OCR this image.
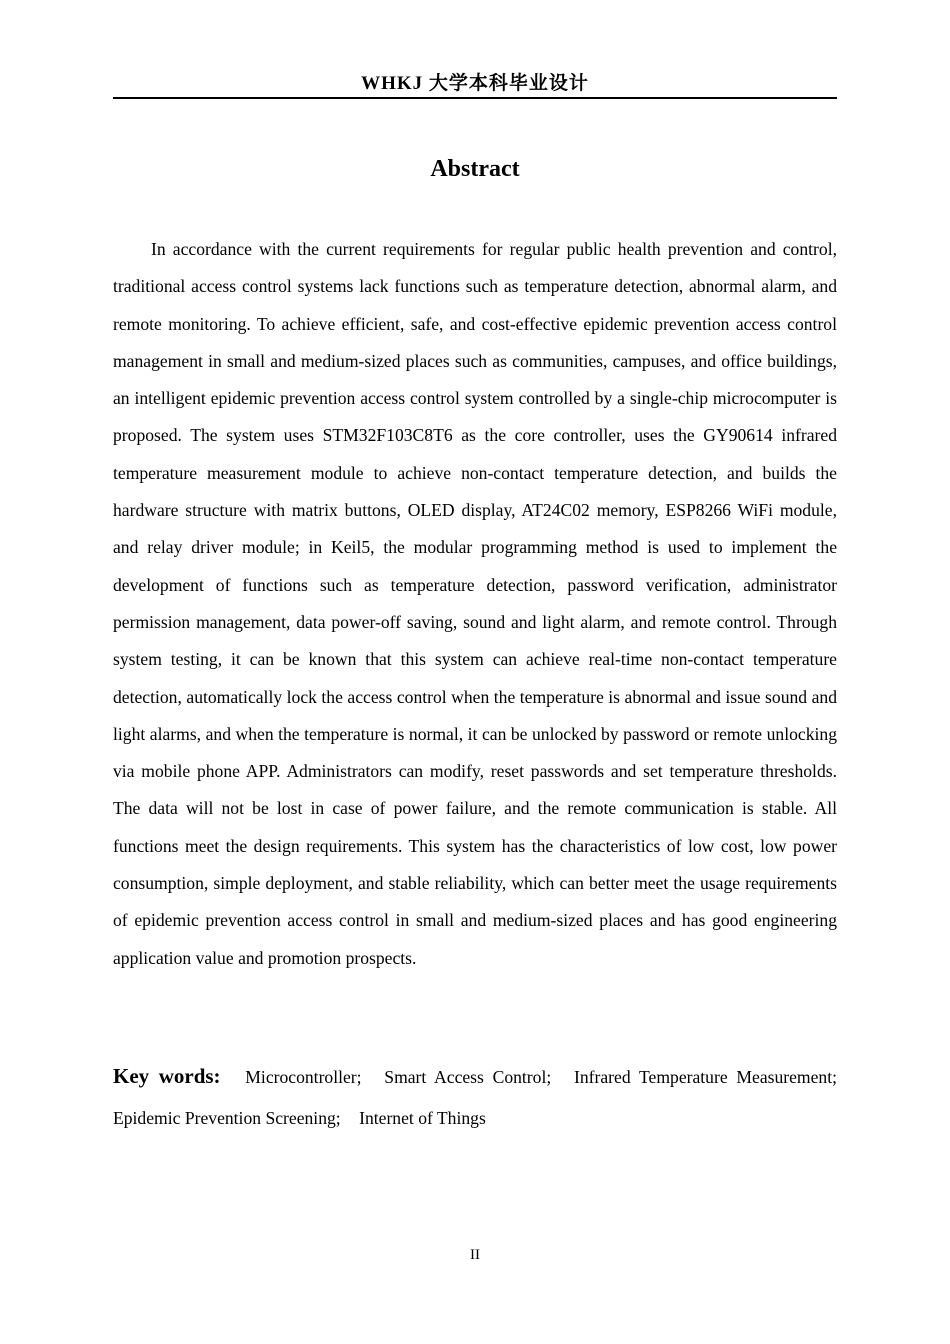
WHKJ 大学本科毕业设计
Abstract

In accordance with the current requirements for regular public health prevention and control, traditional access control systems lack functions such as temperature detection, abnormal alarm, and remote monitoring. To achieve efficient, safe, and cost-effective epidemic prevention access control management in small and medium-sized places such as communities, campuses, and office buildings, an intelligent epidemic prevention access control system controlled by a single-chip microcomputer is proposed. The system uses STM32F103C8T6 as the core controller, uses the GY90614 infrared temperature measurement module to achieve non-contact temperature detection, and builds the hardware structure with matrix buttons, OLED display, AT24C02 memory, ESP8266 WiFi module, and relay driver module; in Keil5, the modular programming method is used to implement the development of functions such as temperature detection, password verification, administrator permission management, data power-off saving, sound and light alarm, and remote control. Through system testing, it can be known that this system can achieve real-time non-contact temperature detection, automatically lock the access control when the temperature is abnormal and issue sound and light alarms, and when the temperature is normal, it can be unlocked by password or remote unlocking via mobile phone APP. Administrators can modify, reset passwords and set temperature thresholds. The data will not be lost in case of power failure, and the remote communication is stable. All functions meet the design requirements. This system has the characteristics of low cost, low power consumption, simple deployment, and stable reliability, which can better meet the usage requirements of epidemic prevention access control in small and medium-sized places and has good engineering application value and promotion prospects.

Key words: Microcontroller; Smart Access Control; Infrared Temperature Measurement; Epidemic Prevention Screening; Internet of Things

II
